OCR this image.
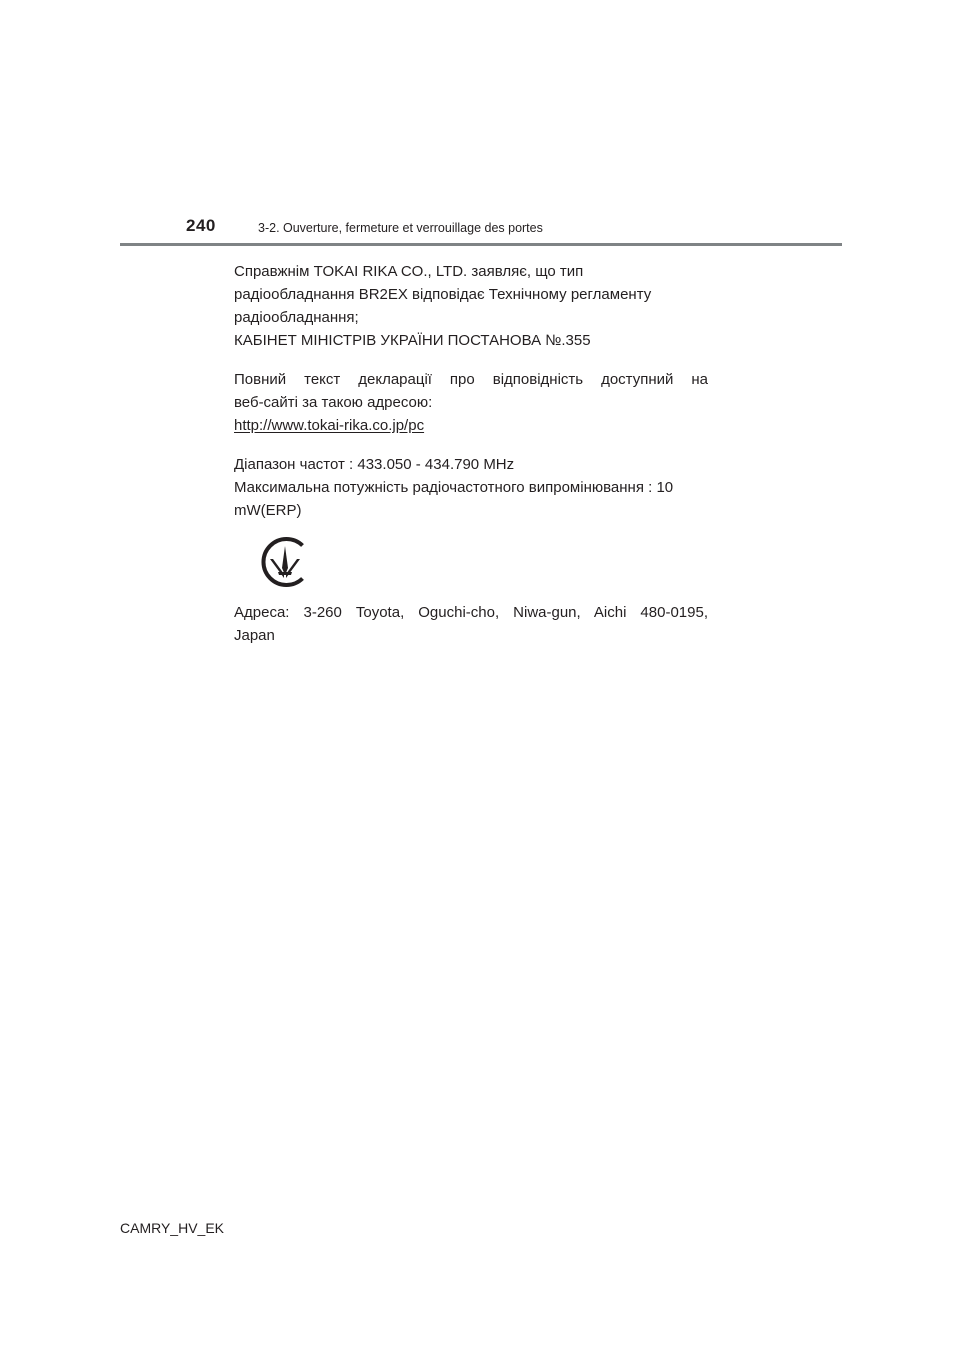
240	3-2. Ouverture, fermeture et verrouillage des portes

Справжнім TOKAI RIKA CO., LTD. заявляє, що тип

радіообладнання BR2EX відповідає Технічному регламенту

радіообладнання;

КАБІНЕТ МІНІСТРІВ УКРАЇНИ ПОСТАНОВА №.355

Повний текст декларації про відповідність доступний на

веб-сайті за такою адресою:

http://www.tokai-rika.co.jp/pc

Діапазон частот : 433.050 - 434.790 MHz

Максимальна потужність радіочастотного випромінювання : 10

mW(ERP)

Адреса: 3-260 Toyota, Oguchi-cho, Niwa-gun, Aichi 480-0195,

Japan

CAMRY_HV_EK
